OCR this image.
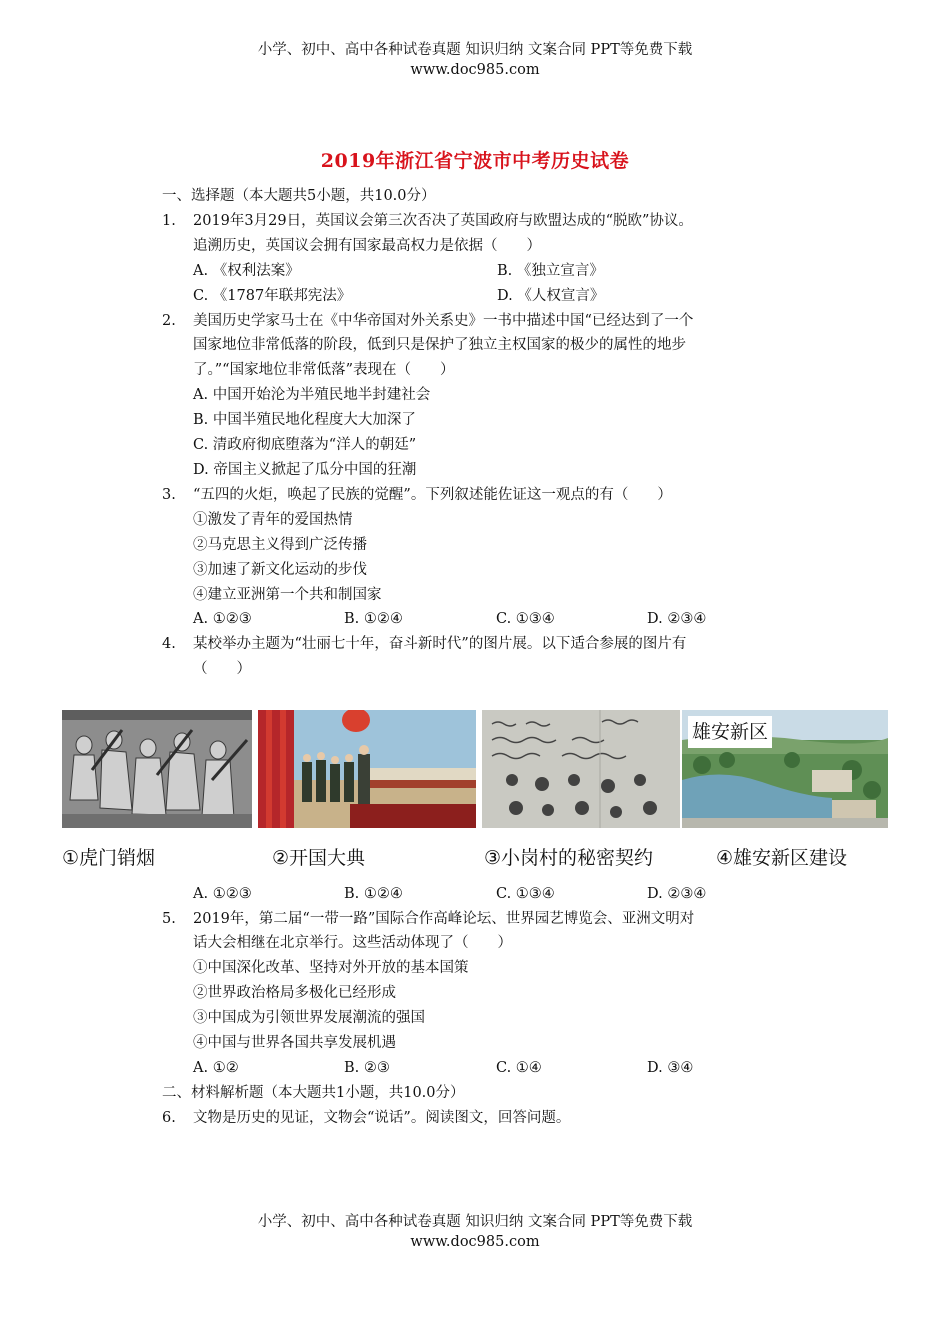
小学、初中、高中各种试卷真题 知识归纳 文案合同 PPT等免费下载
www.doc985.com
2019年浙江省宁波市中考历史试卷
一、选择题（本大题共5小题，共10.0分）
1. 2019年3月29日，英国议会第三次否决了英国政府与欧盟达成的“脱欧”协议。
追溯历史，英国议会拥有国家最高权力是依据（　　）
A. 《权利法案》	B. 《独立宣言》
C. 《1787年联邦宪法》	D. 《人权宣言》
2. 美国历史学家马士在《中华帝国对外关系史》一书中描述中国“已经达到了一个
国家地位非常低落的阶段，低到只是保护了独立主权国家的极少的属性的地步
了。”“国家地位非常低落”表现在（　　）
A. 中国开始沦为半殖民地半封建社会
B. 中国半殖民地化程度大大加深了
C. 清政府彻底堕落为“洋人的朝廷”
D. 帝国主义掀起了瓜分中国的狂潮
3. “五四的火炬，唤起了民族的觉醒”。下列叙述能佐证这一观点的有（　　）
①激发了青年的爱国热情
②马克思主义得到广泛传播
③加速了新文化运动的步伐
④建立亚洲第一个共和制国家
A. ①②③	B. ①②④	C. ①③④	D. ②③④
4. 某校举办主题为“壮丽七十年，奋斗新时代”的图片展。以下适合参展的图片有
（　　）
雄安新区
①虎门销烟	②开国大典	③小岗村的秘密契约	④雄安新区建设
A. ①②③	B. ①②④	C. ①③④	D. ②③④
5. 2019年，第二届“一带一路”国际合作高峰论坛、世界园艺博览会、亚洲文明对
话大会相继在北京举行。这些活动体现了（　　）
①中国深化改革、坚持对外开放的基本国策
②世界政治格局多极化已经形成
③中国成为引领世界发展潮流的强国
④中国与世界各国共享发展机遇
A. ①②	B. ②③	C. ①④	D. ③④
二、材料解析题（本大题共1小题，共10.0分）
6. 文物是历史的见证，文物会“说话”。阅读图文，回答问题。
小学、初中、高中各种试卷真题 知识归纳 文案合同 PPT等免费下载
www.doc985.com
